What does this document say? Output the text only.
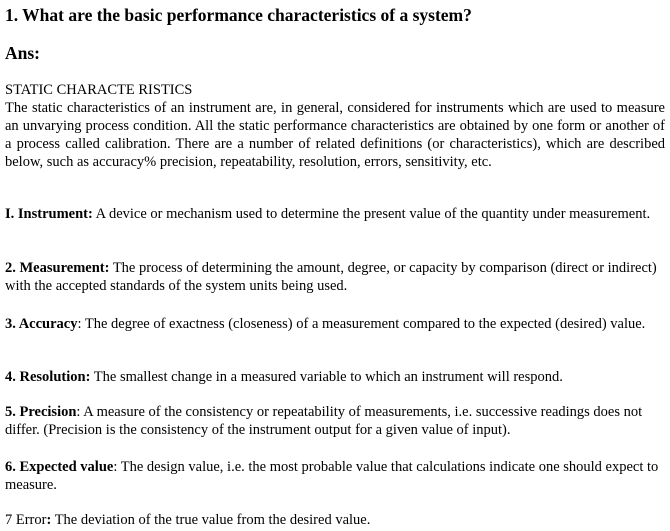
1. What are the basic performance characteristics of a system?

Ans:

STATIC CHARACTE RISTICS

The static characteristics of an instrument are, in general, considered for instruments which are used to measure an unvarying process condition. All the static performance characteristics are obtained by one form or another of a process called calibration. There are a number of related definitions (or characteristics), which are described below, such as accuracy% precision, repeatability, resolution, errors, sensitivity, etc.

I. Instrument: A device or mechanism used to determine the present value of the quantity under measurement.
2. Measurement: The process of determining the amount, degree, or capacity by comparison (direct or indirect) with the accepted standards of the system units being used.
3. Accuracy: The degree of exactness (closeness) of a measurement compared to the expected (desired) value.
4. Resolution: The smallest change in a measured variable to which an instrument will respond.
5. Precision: A measure of the consistency or repeatability of measurements, i.e. successive readings does not differ. (Precision is the consistency of the instrument output for a given value of input).
6. Expected value: The design value, i.e. the most probable value that calculations indicate one should expect to measure.
7 Error: The deviation of the true value from the desired value.
